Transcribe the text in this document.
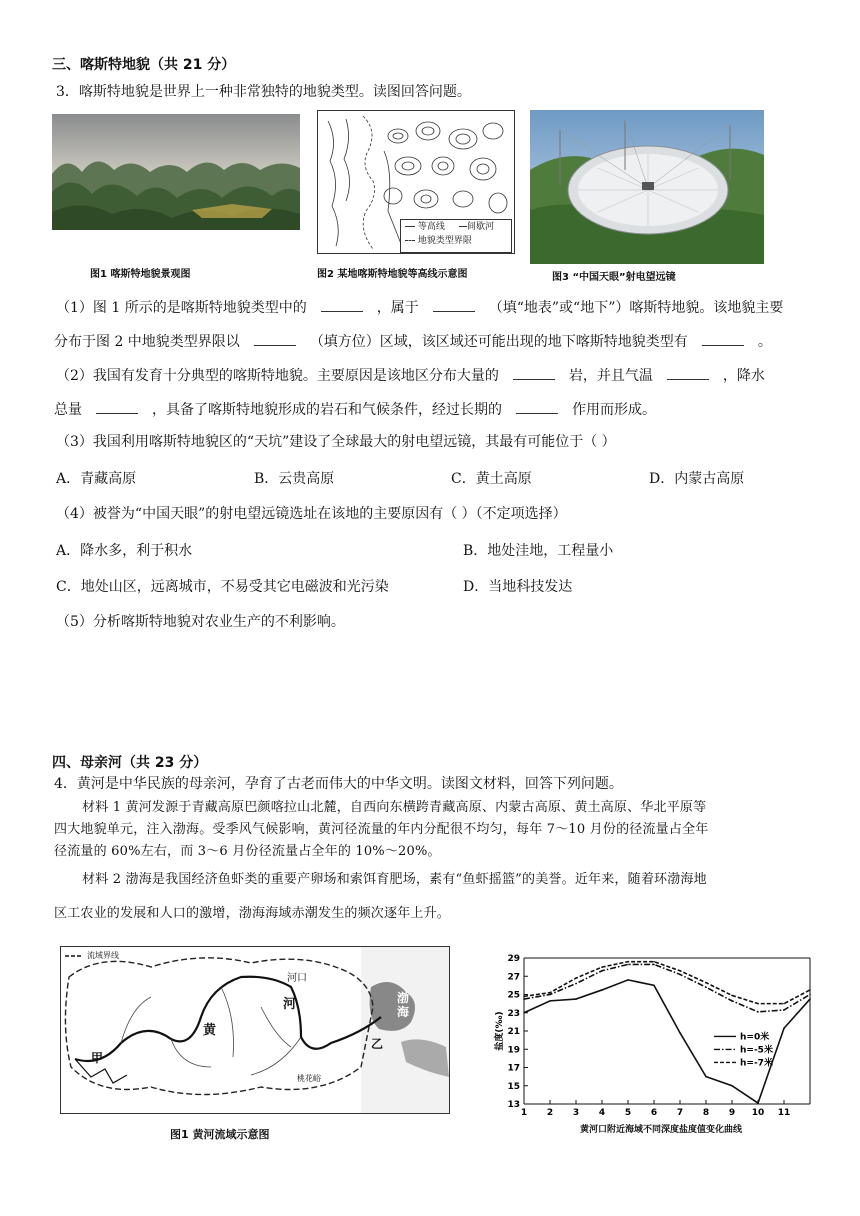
三、喀斯特地貌（共 21 分）
3．喀斯特地貌是世界上一种非常独特的地貌类型。读图回答问题。
图1 喀斯特地貌景观图
等高线	间歇河
地貌类型界限
图2 某地喀斯特地貌等高线示意图	图3 “中国天眼”射电望远镜
（1）图 1 所示的是喀斯特地貌类型中的	，属于	（填“地表”或“地下”）喀斯特地貌。该地貌主要
分布于图 2 中地貌类型界限以	（填方位）区域，该区域还可能出现的地下喀斯特地貌类型有	。
（2）我国有发育十分典型的喀斯特地貌。主要原因是该地区分布大量的	岩，并且气温	，降水
总量	，具备了喀斯特地貌形成的岩石和气候条件，经过长期的	作用而形成。
（3）我国利用喀斯特地貌区的“天坑”建设了全球最大的射电望远镜，其最有可能位于（ ）
A．青藏高原	B．云贵高原	C．黄土高原	D．内蒙古高原
（4）被誉为“中国天眼”的射电望远镜选址在该地的主要原因有（ ）（不定项选择）
A．降水多，利于积水	B．地处洼地，工程量小
C．地处山区，远离城市，不易受其它电磁波和光污染	D．当地科技发达
（5）分析喀斯特地貌对农业生产的不利影响。
四、母亲河（共 23 分）
4．黄河是中华民族的母亲河，孕育了古老而伟大的中华文明。读图文材料，回答下列问题。
材料 1 黄河发源于青藏高原巴颜喀拉山北麓，自西向东横跨青藏高原、内蒙古高原、黄土高原、华北平原等
四大地貌单元，注入渤海。受季风气候影响，黄河径流量的年内分配很不均匀，每年 7～10 月份的径流量占全年
径流量的 60%左右，而 3～6 月份径流量占全年的 10%～20%。
材料 2 渤海是我国经济鱼虾类的重要产卵场和索饵育肥场，素有“鱼虾摇篮”的美誉。近年来，随着环渤海地
区工农业的发展和人口的激增，渤海海域赤潮发生的频次逐年上升。
流域界线
河口
渤海
黄
河
甲
乙
桃花峪
图1 黄河流域示意图
13
15
17
19
21
23
25
27
29
1 2 3 4 5 6 7 8 9 10 11
盐度(‰)	h=0米
h=-5米
h=-7米
黄河口附近海域不同深度盐度值变化曲线
